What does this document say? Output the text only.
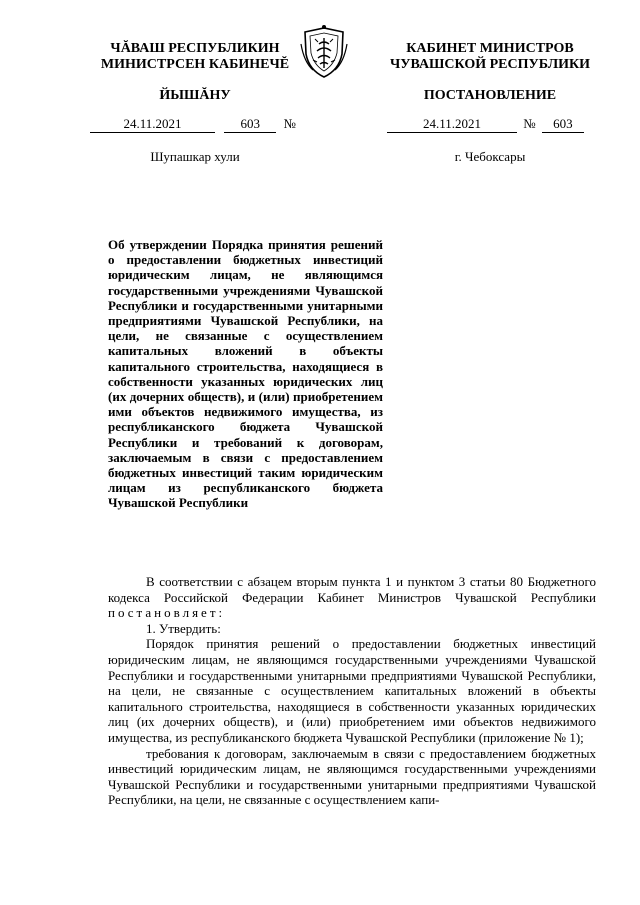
ЧĂВАШ РЕСПУБЛИКИН
МИНИСТРСЕН КАБИНЕЧĔ
ЙЫШĂНУ
24.11.2021	603 №
Шупашкар хули
КАБИНЕТ МИНИСТРОВ
ЧУВАШСКОЙ РЕСПУБЛИКИ
ПОСТАНОВЛЕНИЕ
24.11.2021	№ 603
г. Чебоксары
Об утверждении Порядка принятия решений о предоставлении бюджетных инвестиций юридическим лицам, не являющимся государственными учреждениями Чувашской Республики и государственными унитарными предприятиями Чувашской Республики, на цели, не связанные с осуществлением капитальных вложений в объекты капитального строительства, находящиеся в собственности указанных юридических лиц (их дочерних обществ), и (или) приобретением ими объектов недвижимого имущества, из республиканского бюджета Чувашской Республики и требований к договорам, заключаемым в связи с предоставлением бюджетных инвестиций таким юридическим лицам из республиканского бюджета Чувашской Республики

В соответствии с абзацем вторым пункта 1 и пунктом 3 статьи 80 Бюджетного кодекса Российской Федерации Кабинет Министров Чувашской Республики постановляет:

1. Утвердить:

Порядок принятия решений о предоставлении бюджетных инвестиций юридическим лицам, не являющимся государственными учреждениями Чувашской Республики и государственными унитарными предприятиями Чувашской Республики, на цели, не связанные с осуществлением капитальных вложений в объекты капитального строительства, находящиеся в собственности указанных юридических лиц (их дочерних обществ), и (или) приобретением ими объектов недвижимого имущества, из республиканского бюджета Чувашской Республики (приложение № 1);

требования к договорам, заключаемым в связи с предоставлением бюджетных инвестиций юридическим лицам, не являющимся государственными учреждениями Чувашской Республики и государственными унитарными предприятиями Чувашской Республики, на цели, не связанные с осуществлением капи-
